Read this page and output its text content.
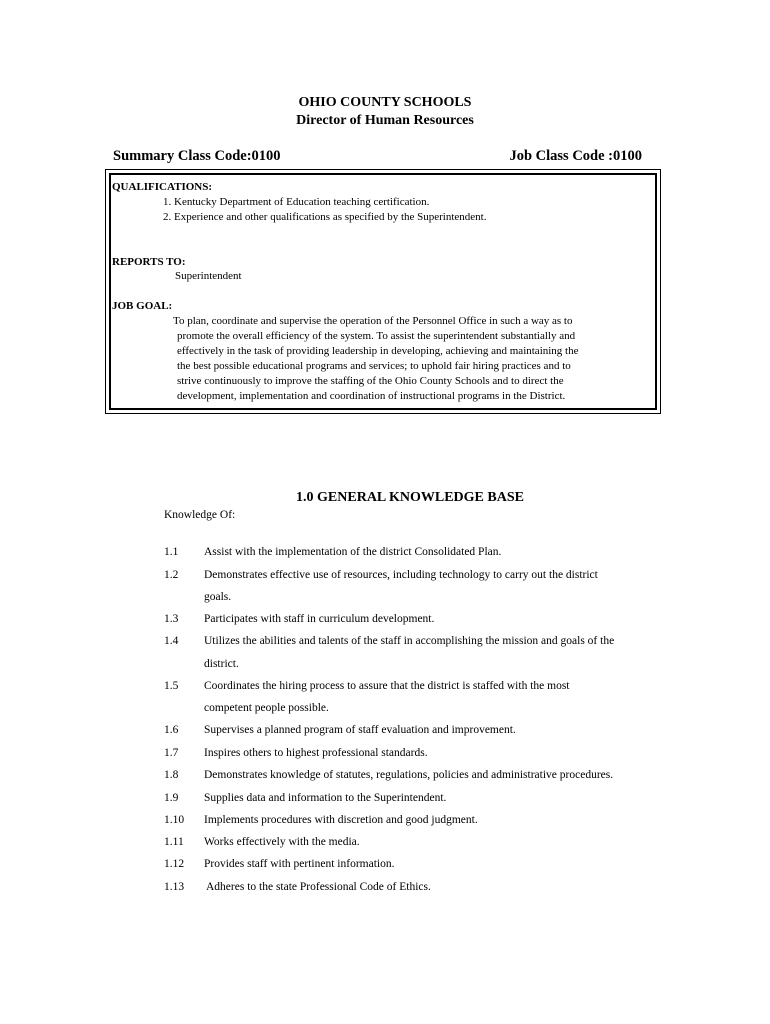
OHIO COUNTY SCHOOLS
Director of Human Resources
Summary Class Code:0100	Job Class Code :0100
QUALIFICATIONS:
1. Kentucky Department of Education teaching certification.
2. Experience and other qualifications as specified by the Superintendent.
REPORTS TO:
Superintendent
JOB GOAL:
To plan, coordinate and supervise the operation of the Personnel Office in such a way as to
promote the overall efficiency of the system. To assist the superintendent substantially and
effectively in the task of providing leadership in developing, achieving and maintaining the
the best possible educational programs and services; to uphold fair hiring practices and to
strive continuously to improve the staffing of the Ohio County Schools and to direct the
development, implementation and coordination of instructional programs in the District.
1.0 GENERAL KNOWLEDGE BASE
Knowledge Of:
1.1 Assist with the implementation of the district Consolidated Plan.
1.2 Demonstrates effective use of resources, including technology to carry out the district
goals.
1.3 Participates with staff in curriculum development.
1.4 Utilizes the abilities and talents of the staff in accomplishing the mission and goals of the
district.
1.5 Coordinates the hiring process to assure that the district is staffed with the most
competent people possible.
1.6 Supervises a planned program of staff evaluation and improvement.
1.7 Inspires others to highest professional standards.
1.8 Demonstrates knowledge of statutes, regulations, policies and administrative procedures.
1.9 Supplies data and information to the Superintendent.
1.10 Implements procedures with discretion and good judgment.
1.11 Works effectively with the media.
1.12 Provides staff with pertinent information.
1.13 Adheres to the state Professional Code of Ethics.
